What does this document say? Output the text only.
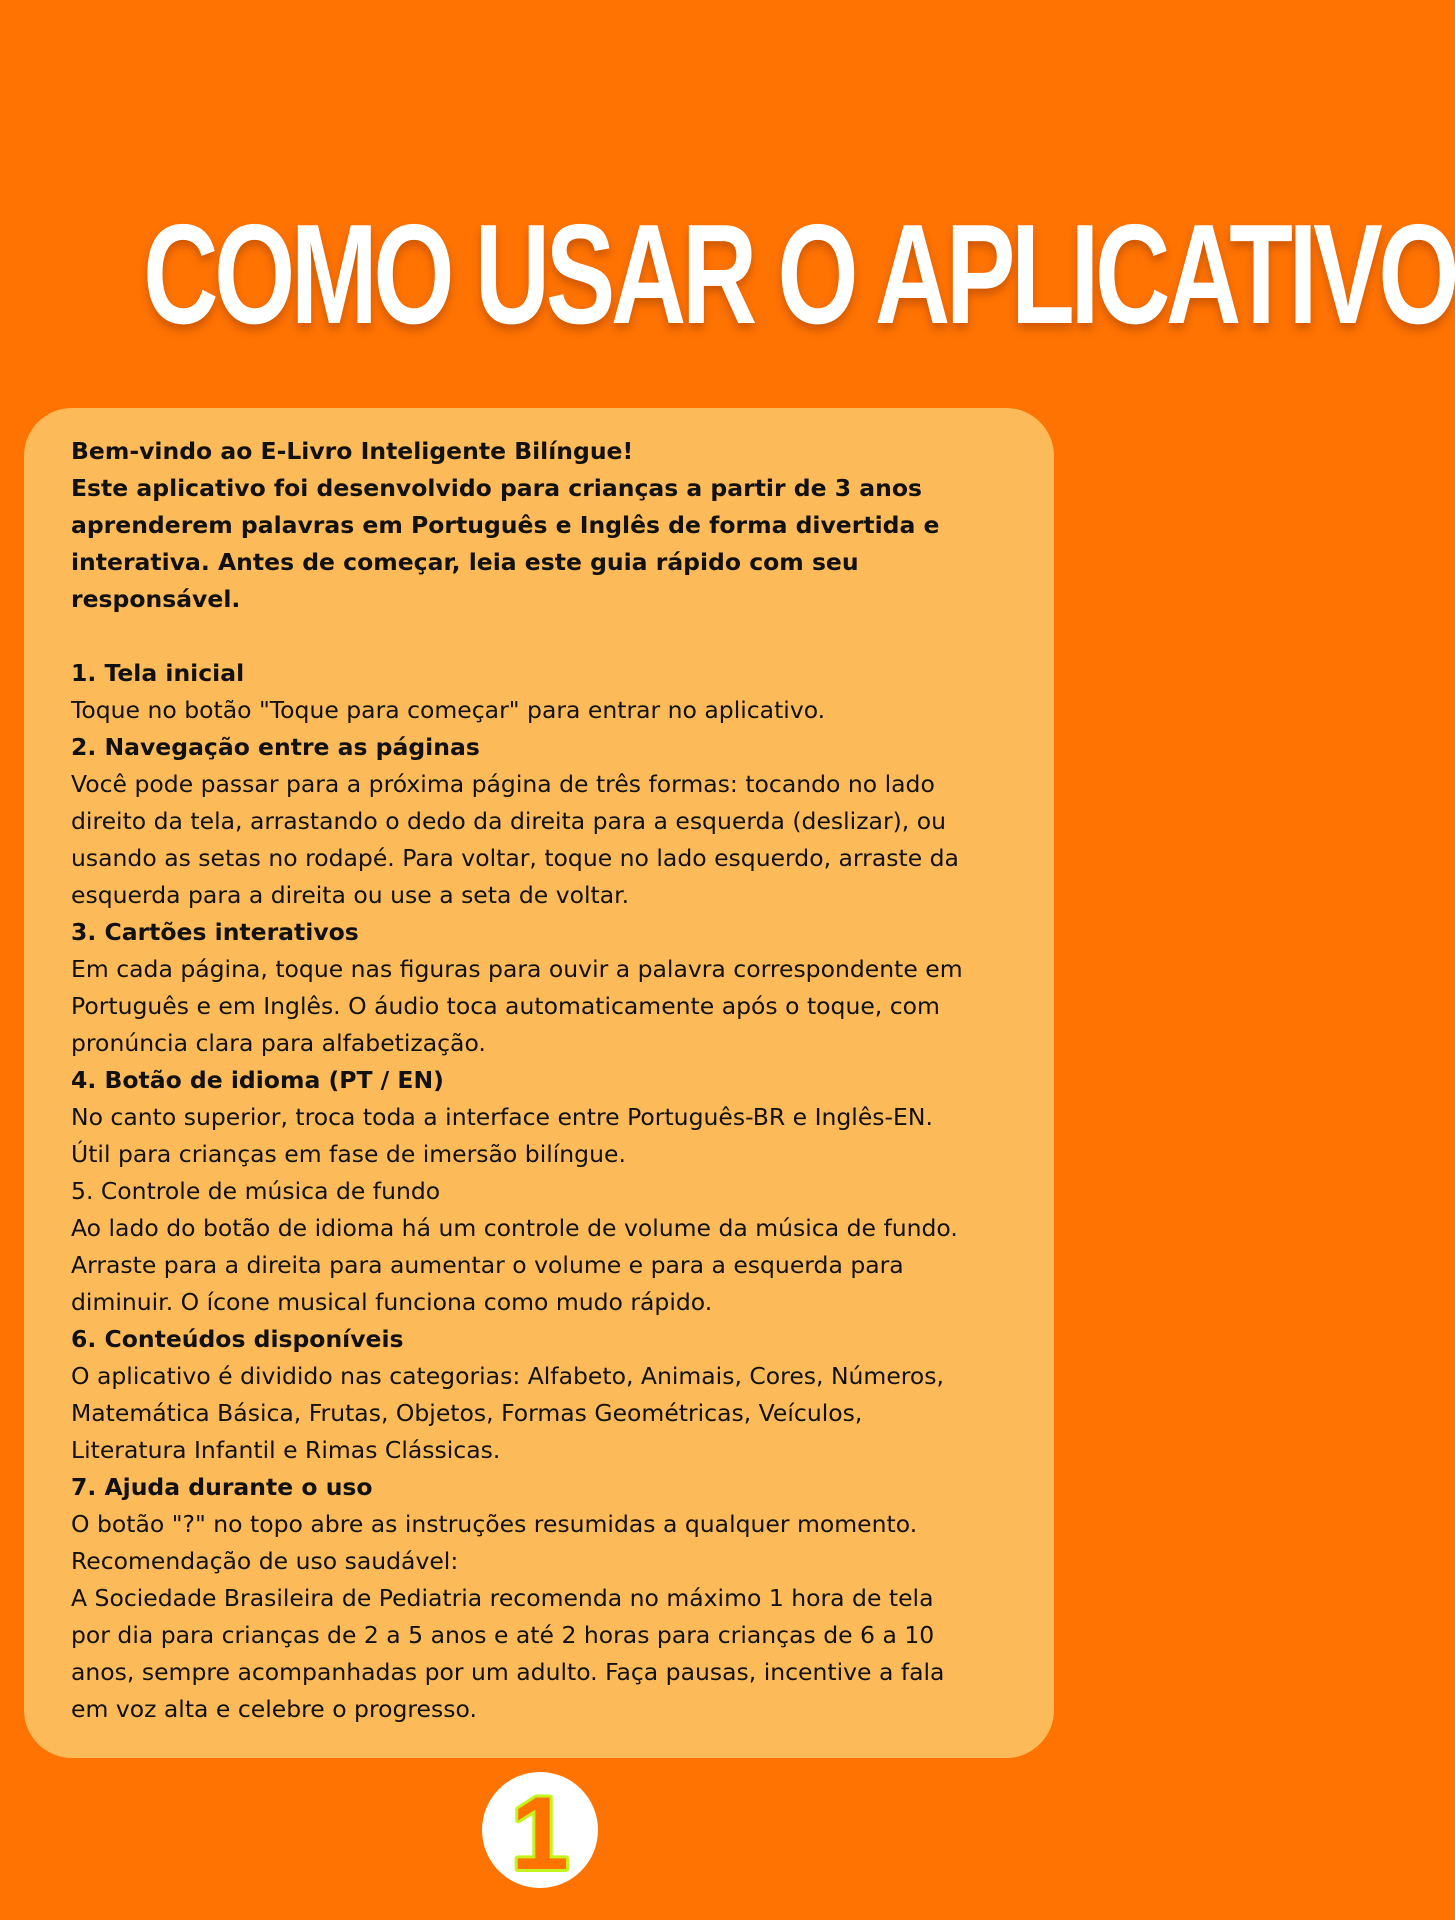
COMO USAR O APLICATIVO

Bem-vindo ao E-Livro Inteligente Bilíngue!

Este aplicativo foi desenvolvido para crianças a partir de 3 anos

aprenderem palavras em Português e Inglês de forma divertida e

interativa. Antes de começar, leia este guia rápido com seu

responsável.

1. Tela inicial

Toque no botão "Toque para começar" para entrar no aplicativo.

2. Navegação entre as páginas

Você pode passar para a próxima página de três formas: tocando no lado

direito da tela, arrastando o dedo da direita para a esquerda (deslizar), ou

usando as setas no rodapé. Para voltar, toque no lado esquerdo, arraste da

esquerda para a direita ou use a seta de voltar.

3. Cartões interativos

Em cada página, toque nas figuras para ouvir a palavra correspondente em

Português e em Inglês. O áudio toca automaticamente após o toque, com

pronúncia clara para alfabetização.

4. Botão de idioma (PT / EN)

No canto superior, troca toda a interface entre Português-BR e Inglês-EN.

Útil para crianças em fase de imersão bilíngue.

5. Controle de música de fundo

Ao lado do botão de idioma há um controle de volume da música de fundo.

Arraste para a direita para aumentar o volume e para a esquerda para

diminuir. O ícone musical funciona como mudo rápido.

6. Conteúdos disponíveis

O aplicativo é dividido nas categorias: Alfabeto, Animais, Cores, Números,

Matemática Básica, Frutas, Objetos, Formas Geométricas, Veículos,

Literatura Infantil e Rimas Clássicas.

7. Ajuda durante o uso

O botão "?" no topo abre as instruções resumidas a qualquer momento.

Recomendação de uso saudável:

A Sociedade Brasileira de Pediatria recomenda no máximo 1 hora de tela

por dia para crianças de 2 a 5 anos e até 2 horas para crianças de 6 a 10

anos, sempre acompanhadas por um adulto. Faça pausas, incentive a fala

em voz alta e celebre o progresso.

1
